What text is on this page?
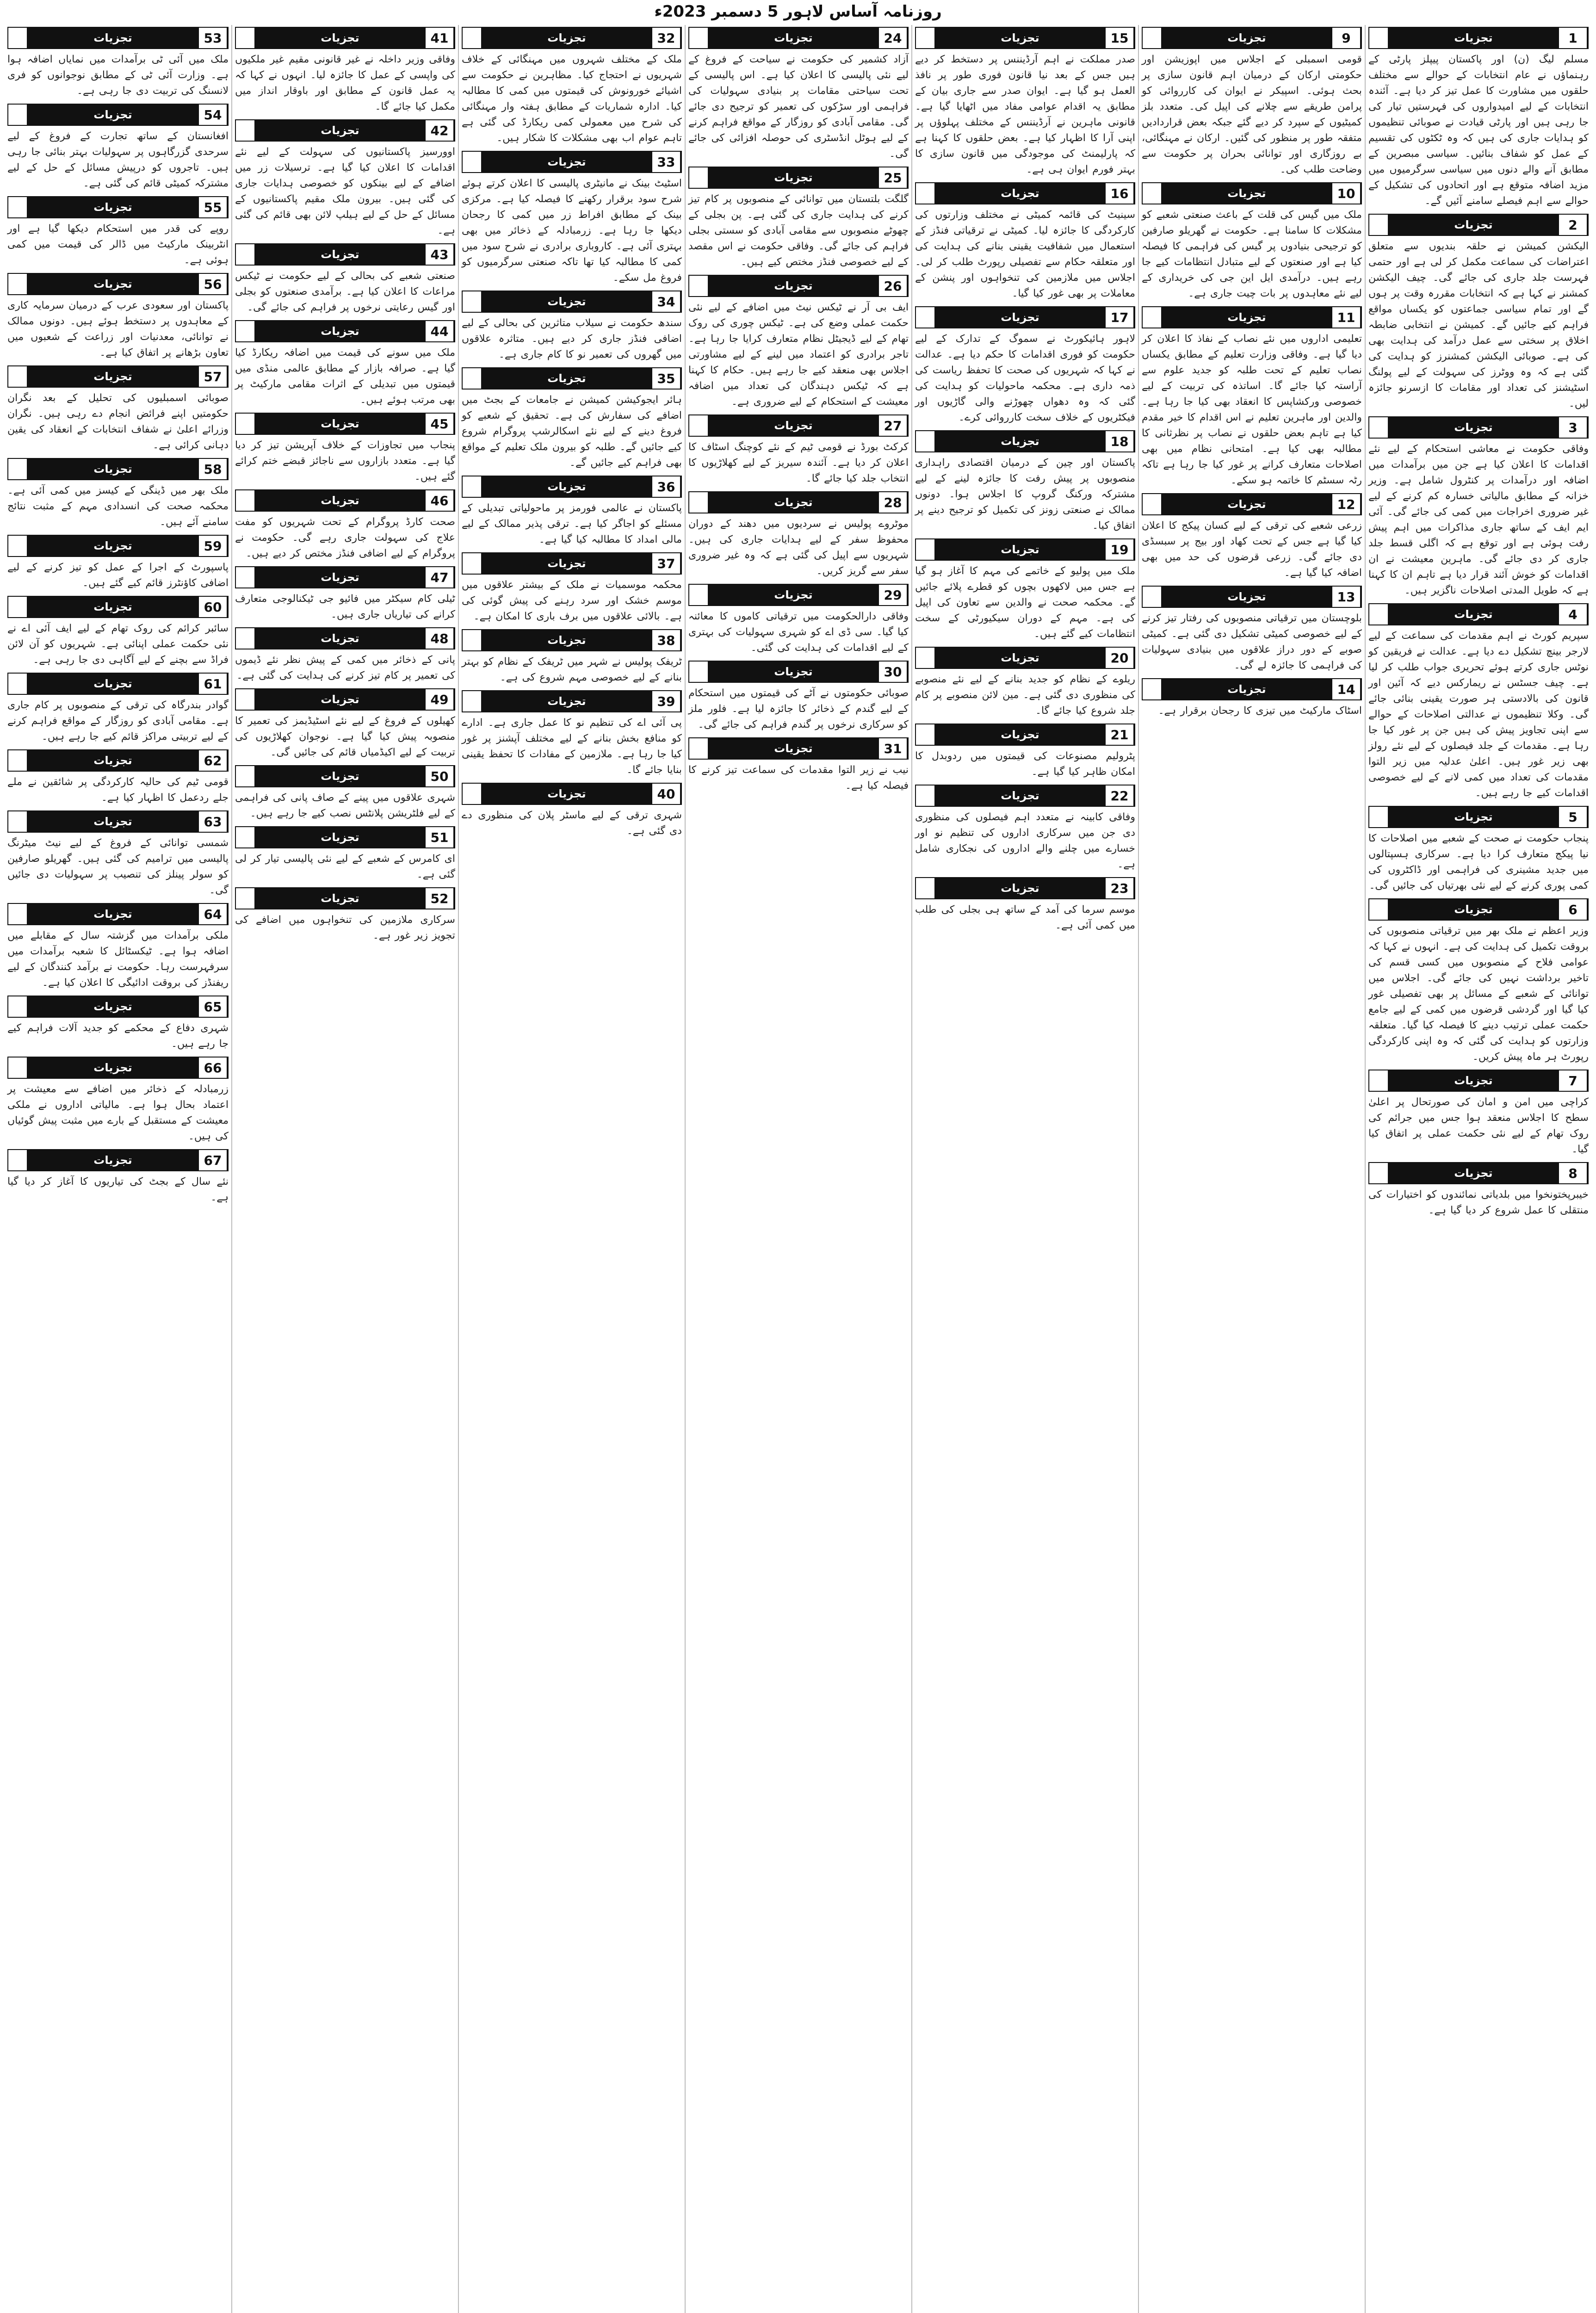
روزنامہ آساس لاہور 5 دسمبر 2023ء
تجزیات	1
مسلم لیگ (ن) اور پاکستان پیپلز پارٹی کے رہنماؤں نے عام انتخابات کے حوالے سے مختلف حلقوں میں مشاورت کا عمل تیز کر دیا ہے۔ آئندہ انتخابات کے لیے امیدواروں کی فہرستیں تیار کی جا رہی ہیں اور پارٹی قیادت نے صوبائی تنظیموں کو ہدایات جاری کی ہیں کہ وہ ٹکٹوں کی تقسیم کے عمل کو شفاف بنائیں۔ سیاسی مبصرین کے مطابق آنے والے دنوں میں سیاسی سرگرمیوں میں مزید اضافہ متوقع ہے اور اتحادوں کی تشکیل کے حوالے سے اہم فیصلے سامنے آئیں گے۔
تجزیات	2
الیکشن کمیشن نے حلقہ بندیوں سے متعلق اعتراضات کی سماعت مکمل کر لی ہے اور حتمی فہرست جلد جاری کی جائے گی۔ چیف الیکشن کمشنر نے کہا ہے کہ انتخابات مقررہ وقت پر ہوں گے اور تمام سیاسی جماعتوں کو یکساں مواقع فراہم کیے جائیں گے۔ کمیشن نے انتخابی ضابطہ اخلاق پر سختی سے عمل درآمد کی ہدایت بھی کی ہے۔ صوبائی الیکشن کمشنرز کو ہدایت کی گئی ہے کہ وہ ووٹرز کی سہولت کے لیے پولنگ اسٹیشنز کی تعداد اور مقامات کا ازسرنو جائزہ لیں۔
تجزیات	3
وفاقی حکومت نے معاشی استحکام کے لیے نئے اقدامات کا اعلان کیا ہے جن میں برآمدات میں اضافہ اور درآمدات پر کنٹرول شامل ہے۔ وزیر خزانہ کے مطابق مالیاتی خسارہ کم کرنے کے لیے غیر ضروری اخراجات میں کمی کی جائے گی۔ آئی ایم ایف کے ساتھ جاری مذاکرات میں اہم پیش رفت ہوئی ہے اور توقع ہے کہ اگلی قسط جلد جاری کر دی جائے گی۔ ماہرین معیشت نے ان اقدامات کو خوش آئند قرار دیا ہے تاہم ان کا کہنا ہے کہ طویل المدتی اصلاحات ناگزیر ہیں۔
تجزیات	4
سپریم کورٹ نے اہم مقدمات کی سماعت کے لیے لارجر بینچ تشکیل دے دیا ہے۔ عدالت نے فریقین کو نوٹس جاری کرتے ہوئے تحریری جواب طلب کر لیا ہے۔ چیف جسٹس نے ریمارکس دیے کہ آئین اور قانون کی بالادستی ہر صورت یقینی بنائی جائے گی۔ وکلا تنظیموں نے عدالتی اصلاحات کے حوالے سے اپنی تجاویز پیش کی ہیں جن پر غور کیا جا رہا ہے۔ مقدمات کے جلد فیصلوں کے لیے نئے رولز بھی زیر غور ہیں۔ اعلیٰ عدلیہ میں زیر التوا مقدمات کی تعداد میں کمی لانے کے لیے خصوصی اقدامات کیے جا رہے ہیں۔
تجزیات	5
پنجاب حکومت نے صحت کے شعبے میں اصلاحات کا نیا پیکج متعارف کرا دیا ہے۔ سرکاری ہسپتالوں میں جدید مشینری کی فراہمی اور ڈاکٹروں کی کمی پوری کرنے کے لیے نئی بھرتیاں کی جائیں گی۔
تجزیات	6
وزیر اعظم نے ملک بھر میں ترقیاتی منصوبوں کی بروقت تکمیل کی ہدایت کی ہے۔ انہوں نے کہا کہ عوامی فلاح کے منصوبوں میں کسی قسم کی تاخیر برداشت نہیں کی جائے گی۔ اجلاس میں توانائی کے شعبے کے مسائل پر بھی تفصیلی غور کیا گیا اور گردشی قرضوں میں کمی کے لیے جامع حکمت عملی ترتیب دینے کا فیصلہ کیا گیا۔ متعلقہ وزارتوں کو ہدایت کی گئی کہ وہ اپنی کارکردگی رپورٹ ہر ماہ پیش کریں۔
تجزیات	7
کراچی میں امن و امان کی صورتحال پر اعلیٰ سطح کا اجلاس منعقد ہوا جس میں جرائم کی روک تھام کے لیے نئی حکمت عملی پر اتفاق کیا گیا۔
تجزیات	8
خیبرپختونخوا میں بلدیاتی نمائندوں کو اختیارات کی منتقلی کا عمل شروع کر دیا گیا ہے۔
تجزیات	9
قومی اسمبلی کے اجلاس میں اپوزیشن اور حکومتی ارکان کے درمیان اہم قانون سازی پر بحث ہوئی۔ اسپیکر نے ایوان کی کارروائی کو پرامن طریقے سے چلانے کی اپیل کی۔ متعدد بلز کمیٹیوں کے سپرد کر دیے گئے جبکہ بعض قراردادیں متفقہ طور پر منظور کی گئیں۔ ارکان نے مہنگائی، بے روزگاری اور توانائی بحران پر حکومت سے وضاحت طلب کی۔
تجزیات	10
ملک میں گیس کی قلت کے باعث صنعتی شعبے کو مشکلات کا سامنا ہے۔ حکومت نے گھریلو صارفین کو ترجیحی بنیادوں پر گیس کی فراہمی کا فیصلہ کیا ہے اور صنعتوں کے لیے متبادل انتظامات کیے جا رہے ہیں۔ درآمدی ایل این جی کی خریداری کے لیے نئے معاہدوں پر بات چیت جاری ہے۔
تجزیات	11
تعلیمی اداروں میں نئے نصاب کے نفاذ کا اعلان کر دیا گیا ہے۔ وفاقی وزارت تعلیم کے مطابق یکساں نصاب تعلیم کے تحت طلبہ کو جدید علوم سے آراستہ کیا جائے گا۔ اساتذہ کی تربیت کے لیے خصوصی ورکشاپس کا انعقاد بھی کیا جا رہا ہے۔ والدین اور ماہرین تعلیم نے اس اقدام کا خیر مقدم کیا ہے تاہم بعض حلقوں نے نصاب پر نظرثانی کا مطالبہ بھی کیا ہے۔ امتحانی نظام میں بھی اصلاحات متعارف کرانے پر غور کیا جا رہا ہے تاکہ رٹہ سسٹم کا خاتمہ ہو سکے۔
تجزیات	12
زرعی شعبے کی ترقی کے لیے کسان پیکج کا اعلان کیا گیا ہے جس کے تحت کھاد اور بیج پر سبسڈی دی جائے گی۔ زرعی قرضوں کی حد میں بھی اضافہ کیا گیا ہے۔
تجزیات	13
بلوچستان میں ترقیاتی منصوبوں کی رفتار تیز کرنے کے لیے خصوصی کمیٹی تشکیل دی گئی ہے۔ کمیٹی صوبے کے دور دراز علاقوں میں بنیادی سہولیات کی فراہمی کا جائزہ لے گی۔
تجزیات	14
اسٹاک مارکیٹ میں تیزی کا رجحان برقرار ہے۔
تجزیات	15
صدر مملکت نے اہم آرڈیننس پر دستخط کر دیے ہیں جس کے بعد نیا قانون فوری طور پر نافذ العمل ہو گیا ہے۔ ایوان صدر سے جاری بیان کے مطابق یہ اقدام عوامی مفاد میں اٹھایا گیا ہے۔ قانونی ماہرین نے آرڈیننس کے مختلف پہلوؤں پر اپنی آرا کا اظہار کیا ہے۔ بعض حلقوں کا کہنا ہے کہ پارلیمنٹ کی موجودگی میں قانون سازی کا بہتر فورم ایوان ہی ہے۔
تجزیات	16
سینیٹ کی قائمہ کمیٹی نے مختلف وزارتوں کی کارکردگی کا جائزہ لیا۔ کمیٹی نے ترقیاتی فنڈز کے استعمال میں شفافیت یقینی بنانے کی ہدایت کی اور متعلقہ حکام سے تفصیلی رپورٹ طلب کر لی۔ اجلاس میں ملازمین کی تنخواہوں اور پنشن کے معاملات پر بھی غور کیا گیا۔
تجزیات	17
لاہور ہائیکورٹ نے سموگ کے تدارک کے لیے حکومت کو فوری اقدامات کا حکم دیا ہے۔ عدالت نے کہا کہ شہریوں کی صحت کا تحفظ ریاست کی ذمہ داری ہے۔ محکمہ ماحولیات کو ہدایت کی گئی کہ وہ دھواں چھوڑنے والی گاڑیوں اور فیکٹریوں کے خلاف سخت کارروائی کرے۔
تجزیات	18
پاکستان اور چین کے درمیان اقتصادی راہداری منصوبوں پر پیش رفت کا جائزہ لینے کے لیے مشترکہ ورکنگ گروپ کا اجلاس ہوا۔ دونوں ممالک نے صنعتی زونز کی تکمیل کو ترجیح دینے پر اتفاق کیا۔
تجزیات	19
ملک میں پولیو کے خاتمے کی مہم کا آغاز ہو گیا ہے جس میں لاکھوں بچوں کو قطرے پلائے جائیں گے۔ محکمہ صحت نے والدین سے تعاون کی اپیل کی ہے۔ مہم کے دوران سیکیورٹی کے سخت انتظامات کیے گئے ہیں۔
تجزیات	20
ریلوے کے نظام کو جدید بنانے کے لیے نئے منصوبے کی منظوری دی گئی ہے۔ مین لائن منصوبے پر کام جلد شروع کیا جائے گا۔
تجزیات	21
پٹرولیم مصنوعات کی قیمتوں میں ردوبدل کا امکان ظاہر کیا گیا ہے۔
تجزیات	22
وفاقی کابینہ نے متعدد اہم فیصلوں کی منظوری دی جن میں سرکاری اداروں کی تنظیم نو اور خسارے میں چلنے والے اداروں کی نجکاری شامل ہے۔
تجزیات	23
موسم سرما کی آمد کے ساتھ ہی بجلی کی طلب میں کمی آئی ہے۔
تجزیات	24
آزاد کشمیر کی حکومت نے سیاحت کے فروغ کے لیے نئی پالیسی کا اعلان کیا ہے۔ اس پالیسی کے تحت سیاحتی مقامات پر بنیادی سہولیات کی فراہمی اور سڑکوں کی تعمیر کو ترجیح دی جائے گی۔ مقامی آبادی کو روزگار کے مواقع فراہم کرنے کے لیے ہوٹل انڈسٹری کی حوصلہ افزائی کی جائے گی۔
تجزیات	25
گلگت بلتستان میں توانائی کے منصوبوں پر کام تیز کرنے کی ہدایت جاری کی گئی ہے۔ پن بجلی کے چھوٹے منصوبوں سے مقامی آبادی کو سستی بجلی فراہم کی جائے گی۔ وفاقی حکومت نے اس مقصد کے لیے خصوصی فنڈز مختص کیے ہیں۔
تجزیات	26
ایف بی آر نے ٹیکس نیٹ میں اضافے کے لیے نئی حکمت عملی وضع کی ہے۔ ٹیکس چوری کی روک تھام کے لیے ڈیجیٹل نظام متعارف کرایا جا رہا ہے۔ تاجر برادری کو اعتماد میں لینے کے لیے مشاورتی اجلاس بھی منعقد کیے جا رہے ہیں۔ حکام کا کہنا ہے کہ ٹیکس دہندگان کی تعداد میں اضافہ معیشت کے استحکام کے لیے ضروری ہے۔
تجزیات	27
کرکٹ بورڈ نے قومی ٹیم کے نئے کوچنگ اسٹاف کا اعلان کر دیا ہے۔ آئندہ سیریز کے لیے کھلاڑیوں کا انتخاب جلد کیا جائے گا۔
تجزیات	28
موٹروے پولیس نے سردیوں میں دھند کے دوران محفوظ سفر کے لیے ہدایات جاری کی ہیں۔ شہریوں سے اپیل کی گئی ہے کہ وہ غیر ضروری سفر سے گریز کریں۔
تجزیات	29
وفاقی دارالحکومت میں ترقیاتی کاموں کا معائنہ کیا گیا۔ سی ڈی اے کو شہری سہولیات کی بہتری کے لیے اقدامات کی ہدایت کی گئی۔
تجزیات	30
صوبائی حکومتوں نے آٹے کی قیمتوں میں استحکام کے لیے گندم کے ذخائر کا جائزہ لیا ہے۔ فلور ملز کو سرکاری نرخوں پر گندم فراہم کی جائے گی۔
تجزیات	31
نیب نے زیر التوا مقدمات کی سماعت تیز کرنے کا فیصلہ کیا ہے۔
تجزیات	32
ملک کے مختلف شہروں میں مہنگائی کے خلاف شہریوں نے احتجاج کیا۔ مظاہرین نے حکومت سے اشیائے خورونوش کی قیمتوں میں کمی کا مطالبہ کیا۔ ادارہ شماریات کے مطابق ہفتہ وار مہنگائی کی شرح میں معمولی کمی ریکارڈ کی گئی ہے تاہم عوام اب بھی مشکلات کا شکار ہیں۔
تجزیات	33
اسٹیٹ بینک نے مانیٹری پالیسی کا اعلان کرتے ہوئے شرح سود برقرار رکھنے کا فیصلہ کیا ہے۔ مرکزی بینک کے مطابق افراط زر میں کمی کا رجحان دیکھا جا رہا ہے۔ زرمبادلہ کے ذخائر میں بھی بہتری آئی ہے۔ کاروباری برادری نے شرح سود میں کمی کا مطالبہ کیا تھا تاکہ صنعتی سرگرمیوں کو فروغ مل سکے۔
تجزیات	34
سندھ حکومت نے سیلاب متاثرین کی بحالی کے لیے اضافی فنڈز جاری کر دیے ہیں۔ متاثرہ علاقوں میں گھروں کی تعمیر نو کا کام جاری ہے۔
تجزیات	35
ہائر ایجوکیشن کمیشن نے جامعات کے بجٹ میں اضافے کی سفارش کی ہے۔ تحقیق کے شعبے کو فروغ دینے کے لیے نئے اسکالرشپ پروگرام شروع کیے جائیں گے۔ طلبہ کو بیرون ملک تعلیم کے مواقع بھی فراہم کیے جائیں گے۔
تجزیات	36
پاکستان نے عالمی فورمز پر ماحولیاتی تبدیلی کے مسئلے کو اجاگر کیا ہے۔ ترقی پذیر ممالک کے لیے مالی امداد کا مطالبہ کیا گیا ہے۔
تجزیات	37
محکمہ موسمیات نے ملک کے بیشتر علاقوں میں موسم خشک اور سرد رہنے کی پیش گوئی کی ہے۔ بالائی علاقوں میں برف باری کا امکان ہے۔
تجزیات	38
ٹریفک پولیس نے شہر میں ٹریفک کے نظام کو بہتر بنانے کے لیے خصوصی مہم شروع کی ہے۔
تجزیات	39
پی آئی اے کی تنظیم نو کا عمل جاری ہے۔ ادارے کو منافع بخش بنانے کے لیے مختلف آپشنز پر غور کیا جا رہا ہے۔ ملازمین کے مفادات کا تحفظ یقینی بنایا جائے گا۔
تجزیات	40
شہری ترقی کے لیے ماسٹر پلان کی منظوری دے دی گئی ہے۔
تجزیات	41
وفاقی وزیر داخلہ نے غیر قانونی مقیم غیر ملکیوں کی واپسی کے عمل کا جائزہ لیا۔ انہوں نے کہا کہ یہ عمل قانون کے مطابق اور باوقار انداز میں مکمل کیا جائے گا۔
تجزیات	42
اوورسیز پاکستانیوں کی سہولت کے لیے نئے اقدامات کا اعلان کیا گیا ہے۔ ترسیلات زر میں اضافے کے لیے بینکوں کو خصوصی ہدایات جاری کی گئی ہیں۔ بیرون ملک مقیم پاکستانیوں کے مسائل کے حل کے لیے ہیلپ لائن بھی قائم کی گئی ہے۔
تجزیات	43
صنعتی شعبے کی بحالی کے لیے حکومت نے ٹیکس مراعات کا اعلان کیا ہے۔ برآمدی صنعتوں کو بجلی اور گیس رعایتی نرخوں پر فراہم کی جائے گی۔
تجزیات	44
ملک میں سونے کی قیمت میں اضافہ ریکارڈ کیا گیا ہے۔ صرافہ بازار کے مطابق عالمی منڈی میں قیمتوں میں تبدیلی کے اثرات مقامی مارکیٹ پر بھی مرتب ہوئے ہیں۔
تجزیات	45
پنجاب میں تجاوزات کے خلاف آپریشن تیز کر دیا گیا ہے۔ متعدد بازاروں سے ناجائز قبضے ختم کرائے گئے ہیں۔
تجزیات	46
صحت کارڈ پروگرام کے تحت شہریوں کو مفت علاج کی سہولت جاری رہے گی۔ حکومت نے پروگرام کے لیے اضافی فنڈز مختص کر دیے ہیں۔
تجزیات	47
ٹیلی کام سیکٹر میں فائیو جی ٹیکنالوجی متعارف کرانے کی تیاریاں جاری ہیں۔
تجزیات	48
پانی کے ذخائر میں کمی کے پیش نظر نئے ڈیموں کی تعمیر پر کام تیز کرنے کی ہدایت کی گئی ہے۔
تجزیات	49
کھیلوں کے فروغ کے لیے نئے اسٹیڈیمز کی تعمیر کا منصوبہ پیش کیا گیا ہے۔ نوجوان کھلاڑیوں کی تربیت کے لیے اکیڈمیاں قائم کی جائیں گی۔
تجزیات	50
شہری علاقوں میں پینے کے صاف پانی کی فراہمی کے لیے فلٹریشن پلانٹس نصب کیے جا رہے ہیں۔
تجزیات	51
ای کامرس کے شعبے کے لیے نئی پالیسی تیار کر لی گئی ہے۔
تجزیات	52
سرکاری ملازمین کی تنخواہوں میں اضافے کی تجویز زیر غور ہے۔
تجزیات	53
ملک میں آئی ٹی برآمدات میں نمایاں اضافہ ہوا ہے۔ وزارت آئی ٹی کے مطابق نوجوانوں کو فری لانسنگ کی تربیت دی جا رہی ہے۔
تجزیات	54
افغانستان کے ساتھ تجارت کے فروغ کے لیے سرحدی گزرگاہوں پر سہولیات بہتر بنائی جا رہی ہیں۔ تاجروں کو درپیش مسائل کے حل کے لیے مشترکہ کمیٹی قائم کی گئی ہے۔
تجزیات	55
روپے کی قدر میں استحکام دیکھا گیا ہے اور انٹربینک مارکیٹ میں ڈالر کی قیمت میں کمی ہوئی ہے۔
تجزیات	56
پاکستان اور سعودی عرب کے درمیان سرمایہ کاری کے معاہدوں پر دستخط ہوئے ہیں۔ دونوں ممالک نے توانائی، معدنیات اور زراعت کے شعبوں میں تعاون بڑھانے پر اتفاق کیا ہے۔
تجزیات	57
صوبائی اسمبلیوں کی تحلیل کے بعد نگران حکومتیں اپنے فرائض انجام دے رہی ہیں۔ نگران وزرائے اعلیٰ نے شفاف انتخابات کے انعقاد کی یقین دہانی کرائی ہے۔
تجزیات	58
ملک بھر میں ڈینگی کے کیسز میں کمی آئی ہے۔ محکمہ صحت کی انسدادی مہم کے مثبت نتائج سامنے آئے ہیں۔
تجزیات	59
پاسپورٹ کے اجرا کے عمل کو تیز کرنے کے لیے اضافی کاؤنٹرز قائم کیے گئے ہیں۔
تجزیات	60
سائبر کرائم کی روک تھام کے لیے ایف آئی اے نے نئی حکمت عملی اپنائی ہے۔ شہریوں کو آن لائن فراڈ سے بچنے کے لیے آگاہی دی جا رہی ہے۔
تجزیات	61
گوادر بندرگاہ کی ترقی کے منصوبوں پر کام جاری ہے۔ مقامی آبادی کو روزگار کے مواقع فراہم کرنے کے لیے تربیتی مراکز قائم کیے جا رہے ہیں۔
تجزیات	62
قومی ٹیم کی حالیہ کارکردگی پر شائقین نے ملے جلے ردعمل کا اظہار کیا ہے۔
تجزیات	63
شمسی توانائی کے فروغ کے لیے نیٹ میٹرنگ پالیسی میں ترامیم کی گئی ہیں۔ گھریلو صارفین کو سولر پینلز کی تنصیب پر سہولیات دی جائیں گی۔
تجزیات	64
ملکی برآمدات میں گزشتہ سال کے مقابلے میں اضافہ ہوا ہے۔ ٹیکسٹائل کا شعبہ برآمدات میں سرفہرست رہا۔ حکومت نے برآمد کنندگان کے لیے ریفنڈز کی بروقت ادائیگی کا اعلان کیا ہے۔
تجزیات	65
شہری دفاع کے محکمے کو جدید آلات فراہم کیے جا رہے ہیں۔
تجزیات	66
زرمبادلہ کے ذخائر میں اضافے سے معیشت پر اعتماد بحال ہوا ہے۔ مالیاتی اداروں نے ملکی معیشت کے مستقبل کے بارے میں مثبت پیش گوئیاں کی ہیں۔
تجزیات	67
نئے سال کے بجٹ کی تیاریوں کا آغاز کر دیا گیا ہے۔
